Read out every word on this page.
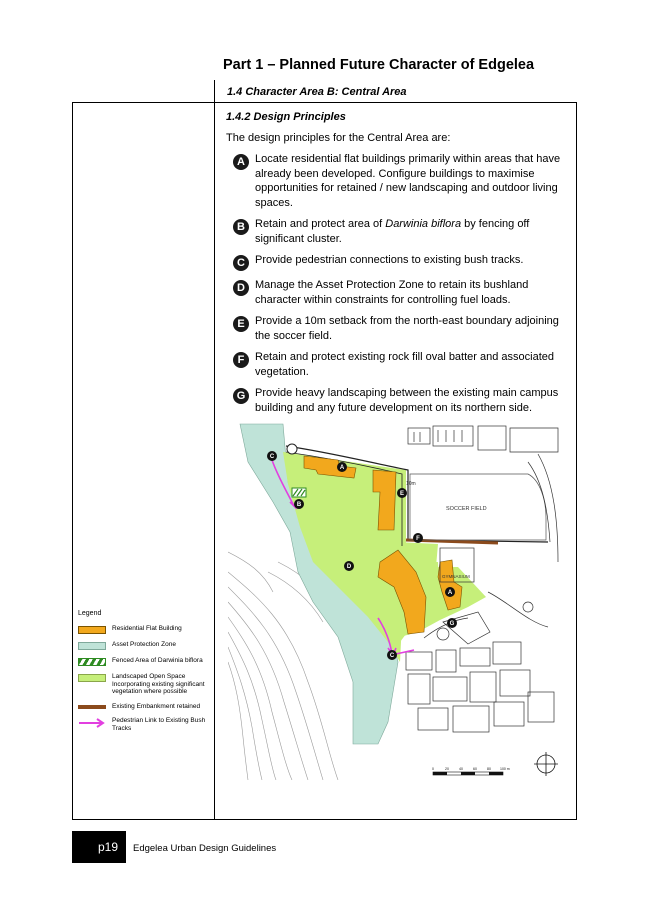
Part 1 – Planned Future Character of Edgelea
1.4 Character Area B: Central Area
1.4.2 Design Principles
The design principles for the Central Area are:
A Locate residential flat buildings primarily within areas that have already been developed. Configure buildings to maximise opportunities for retained / new landscaping and outdoor living spaces.
B Retain and protect area of Darwinia biflora by fencing off significant cluster.
C Provide pedestrian connections to existing bush tracks.
D Manage the Asset Protection Zone to retain its bushland character within constraints for controlling fuel loads.
E Provide a 10m setback from the north-east boundary adjoining the soccer field.
F Retain and protect existing rock fill oval batter and associated vegetation.
G Provide heavy landscaping between the existing main campus building and any future development on its northern side.
SOCCER FIELD
10m
GYMNASIUM
C
A
E
B
F
D
A
G
C
0	20	40	60	80	100 m
Legend
Residential Flat Building
Asset Protection Zone
Fenced Area of Darwinia biflora
Landscaped Open Space Incorporating existing significant vegetation where possible
Existing Embankment retained
Pedestrian Link to Existing Bush Tracks
p19 Edgelea Urban Design Guidelines
